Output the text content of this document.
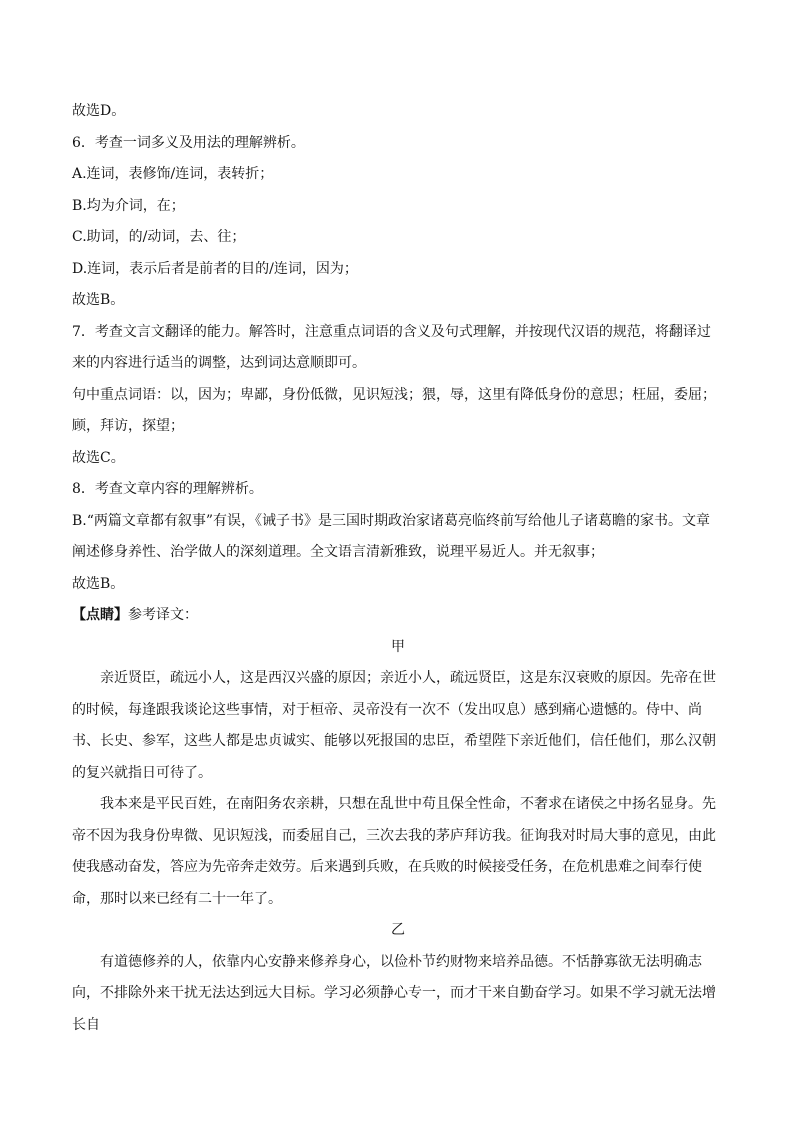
故选D。

6．考查一词多义及用法的理解辨析。

A.连词，表修饰/连词，表转折；

B.均为介词，在；

C.助词，的/动词，去、往；

D.连词，表示后者是前者的目的/连词，因为；

故选B。

7．考查文言文翻译的能力。解答时，注意重点词语的含义及句式理解，并按现代汉语的规范，将翻译过来的内容进行适当的调整，达到词达意顺即可。

句中重点词语：以，因为；卑鄙，身份低微，见识短浅；猥，辱，这里有降低身份的意思；枉屈，委屈；顾，拜访，探望；

故选C。

8．考查文章内容的理解辨析。

B.“两篇文章都有叙事”有误，《诫子书》是三国时期政治家诸葛亮临终前写给他儿子诸葛瞻的家书。文章阐述修身养性、治学做人的深刻道理。全文语言清新雅致，说理平易近人。并无叙事；

故选B。

【点睛】参考译文：

甲

亲近贤臣，疏远小人，这是西汉兴盛的原因；亲近小人，疏远贤臣，这是东汉衰败的原因。先帝在世的时候，每逢跟我谈论这些事情，对于桓帝、灵帝没有一次不（发出叹息）感到痛心遗憾的。侍中、尚书、长史、参军，这些人都是忠贞诚实、能够以死报国的忠臣，希望陛下亲近他们，信任他们，那么汉朝的复兴就指日可待了。

我本来是平民百姓，在南阳务农亲耕，只想在乱世中苟且保全性命，不奢求在诸侯之中扬名显身。先帝不因为我身份卑微、见识短浅，而委屈自己，三次去我的茅庐拜访我。征询我对时局大事的意见，由此使我感动奋发，答应为先帝奔走效劳。后来遇到兵败，在兵败的时候接受任务，在危机患难之间奉行使命，那时以来已经有二十一年了。

乙

有道德修养的人，依靠内心安静来修养身心，以俭朴节约财物来培养品德。不恬静寡欲无法明确志向，不排除外来干扰无法达到远大目标。学习必须静心专一，而才干来自勤奋学习。如果不学习就无法增长自
